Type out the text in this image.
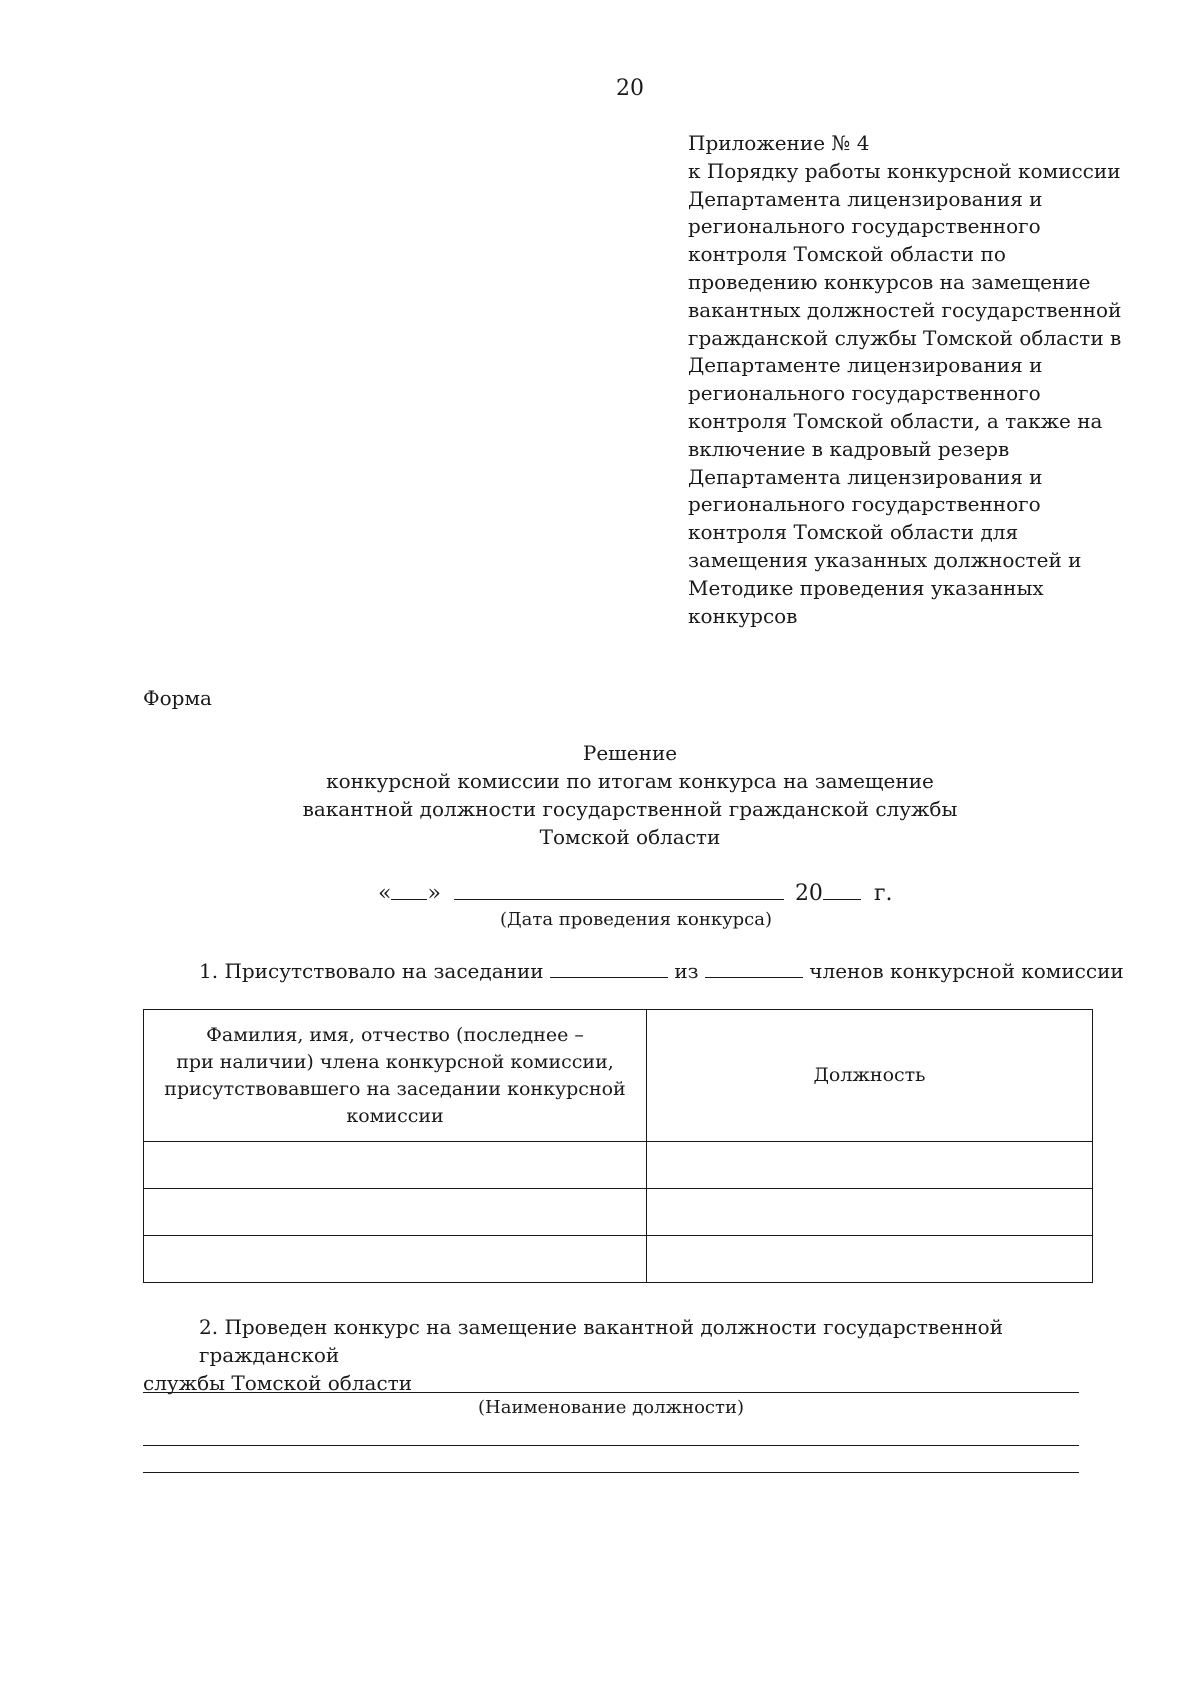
20
Приложение № 4
к Порядку работы конкурсной комиссии
Департамента лицензирования и
регионального государственного
контроля Томской области по
проведению конкурсов на замещение
вакантных должностей государственной
гражданской службы Томской области в
Департаменте лицензирования и
регионального государственного
контроля Томской области, а также на
включение в кадровый резерв
Департамента лицензирования и
регионального государственного
контроля Томской области для
замещения указанных должностей и
Методике проведения указанных
конкурсов
Форма
Решение
конкурсной комиссии по итогам конкурса на замещение
вакантной должности государственной гражданской службы
Томской области
« »	20 г.
(Дата проведения конкурса)
1. Присутствовало на заседании	из	членов конкурсной комиссии
Фамилия, имя, отчество (последнее –
при наличии) члена конкурсной комиссии,
присутствовавшего на заседании конкурсной
комиссии	Должность

2. Проведен конкурс на замещение вакантной должности государственной гражданской
службы Томской области
(Наименование должности)
